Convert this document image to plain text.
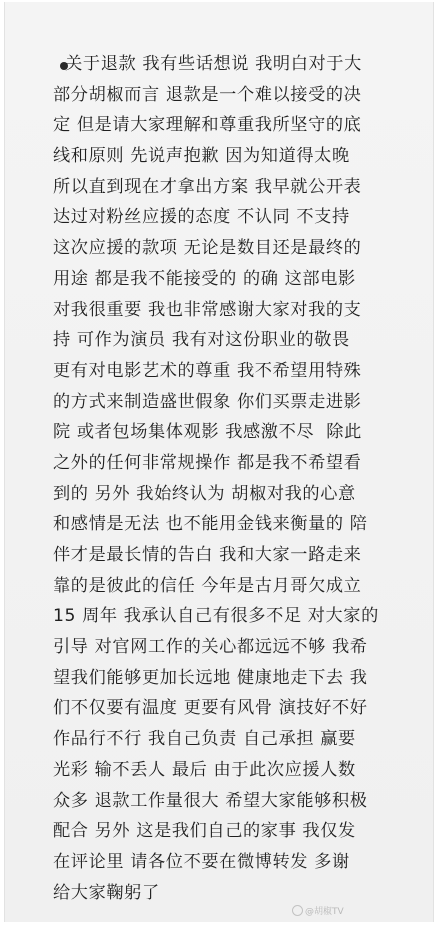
关于退款 我有些话想说 我明白对于大
部分胡椒而言 退款是一个难以接受的决
定 但是请大家理解和尊重我所坚守的底
线和原则 先说声抱歉 因为知道得太晚
所以直到现在才拿出方案 我早就公开表
达过对粉丝应援的态度 不认同 不支持
这次应援的款项 无论是数目还是最终的
用途 都是我不能接受的 的确 这部电影
对我很重要 我也非常感谢大家对我的支
持 可作为演员 我有对这份职业的敬畏
更有对电影艺术的尊重 我不希望用特殊
的方式来制造盛世假象 你们买票走进影
院 或者包场集体观影 我感激不尽  除此
之外的任何非常规操作 都是我不希望看
到的 另外 我始终认为 胡椒对我的心意
和感情是无法 也不能用金钱来衡量的 陪
伴才是最长情的告白 我和大家一路走来
靠的是彼此的信任 今年是古月哥欠成立
15 周年 我承认自己有很多不足 对大家的
引导 对官网工作的关心都远远不够 我希
望我们能够更加长远地 健康地走下去 我
们不仅要有温度 更要有风骨 演技好不好
作品行不行 我自己负责 自己承担 赢要
光彩 输不丢人 最后 由于此次应援人数
众多 退款工作量很大 希望大家能够积极
配合 另外 这是我们自己的家事 我仅发
在评论里 请各位不要在微博转发 多谢
给大家鞠躬了
@胡椒TV
